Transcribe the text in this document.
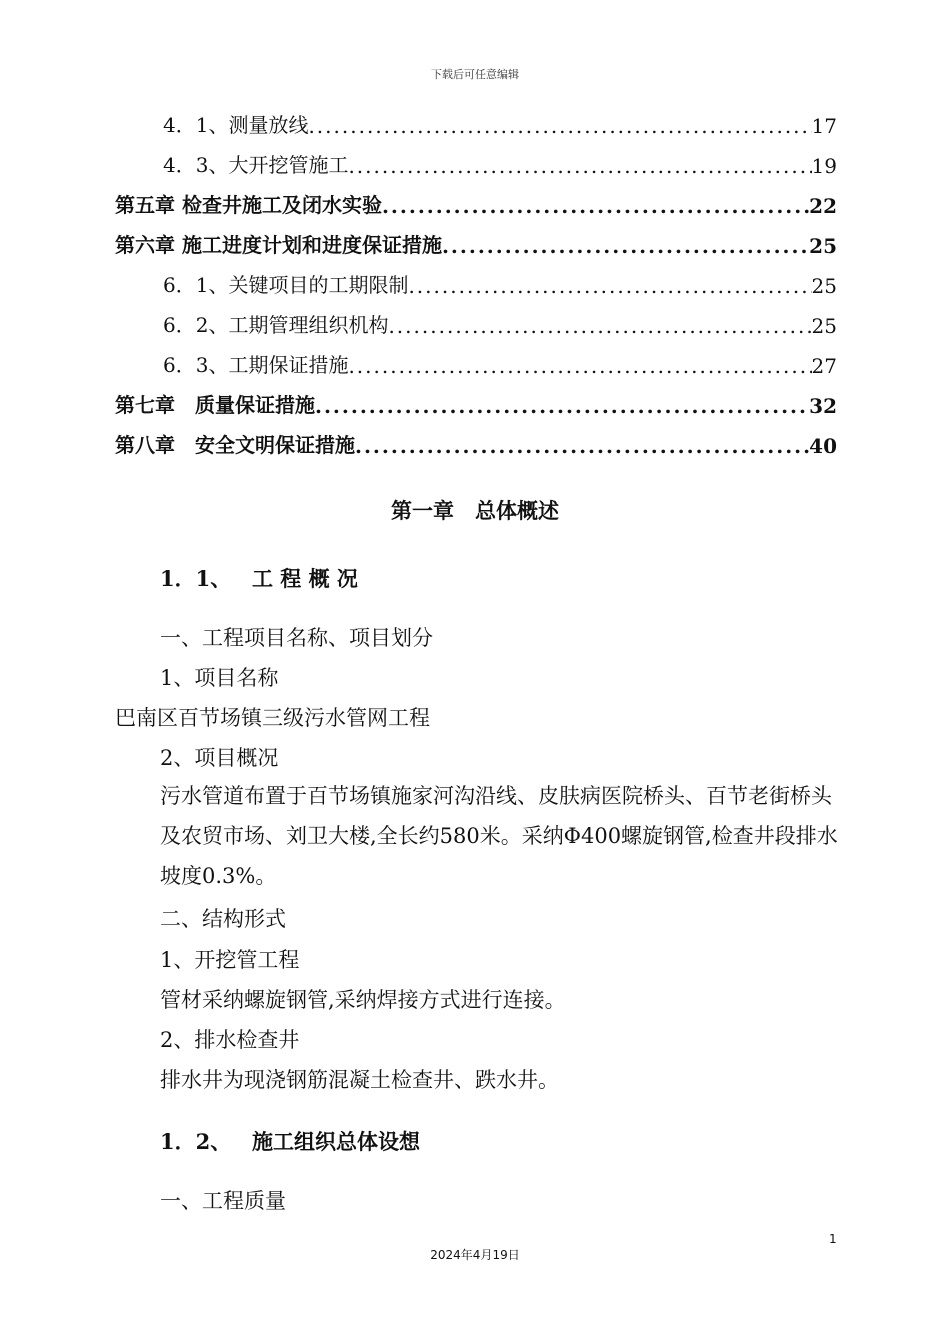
下载后可任意编辑
4．1、测量放线 .....	17
4．3、大开挖管施工 .....	19
第五章 检查井施工及闭水实验 .....	22
第六章 施工进度计划和进度保证措施 .....	25
6．1、关键项目的工期限制 .....	25
6．2、工期管理组织机构 .....	25
6．3、工期保证措施 .....	27
第七章　质量保证措施 .....	32
第八章　安全文明保证措施 .....	40
第一章　总体概述
1．1、 工 程 概 况
一、工程项目名称、项目划分
1、项目名称
巴南区百节场镇三级污水管网工程
2、项目概况
污水管道布置于百节场镇施家河沟沿线、皮肤病医院桥头、百节老街桥头及农贸市场、刘卫大楼,全长约580米。采纳Φ400螺旋钢管,检查井段排水坡度0.3%。
二、结构形式
1、开挖管工程
管材采纳螺旋钢管,采纳焊接方式进行连接。
2、排水检查井
排水井为现浇钢筋混凝土检查井、跌水井。
1．2、 施工组织总体设想
一、工程质量
1
2024年4月19日
